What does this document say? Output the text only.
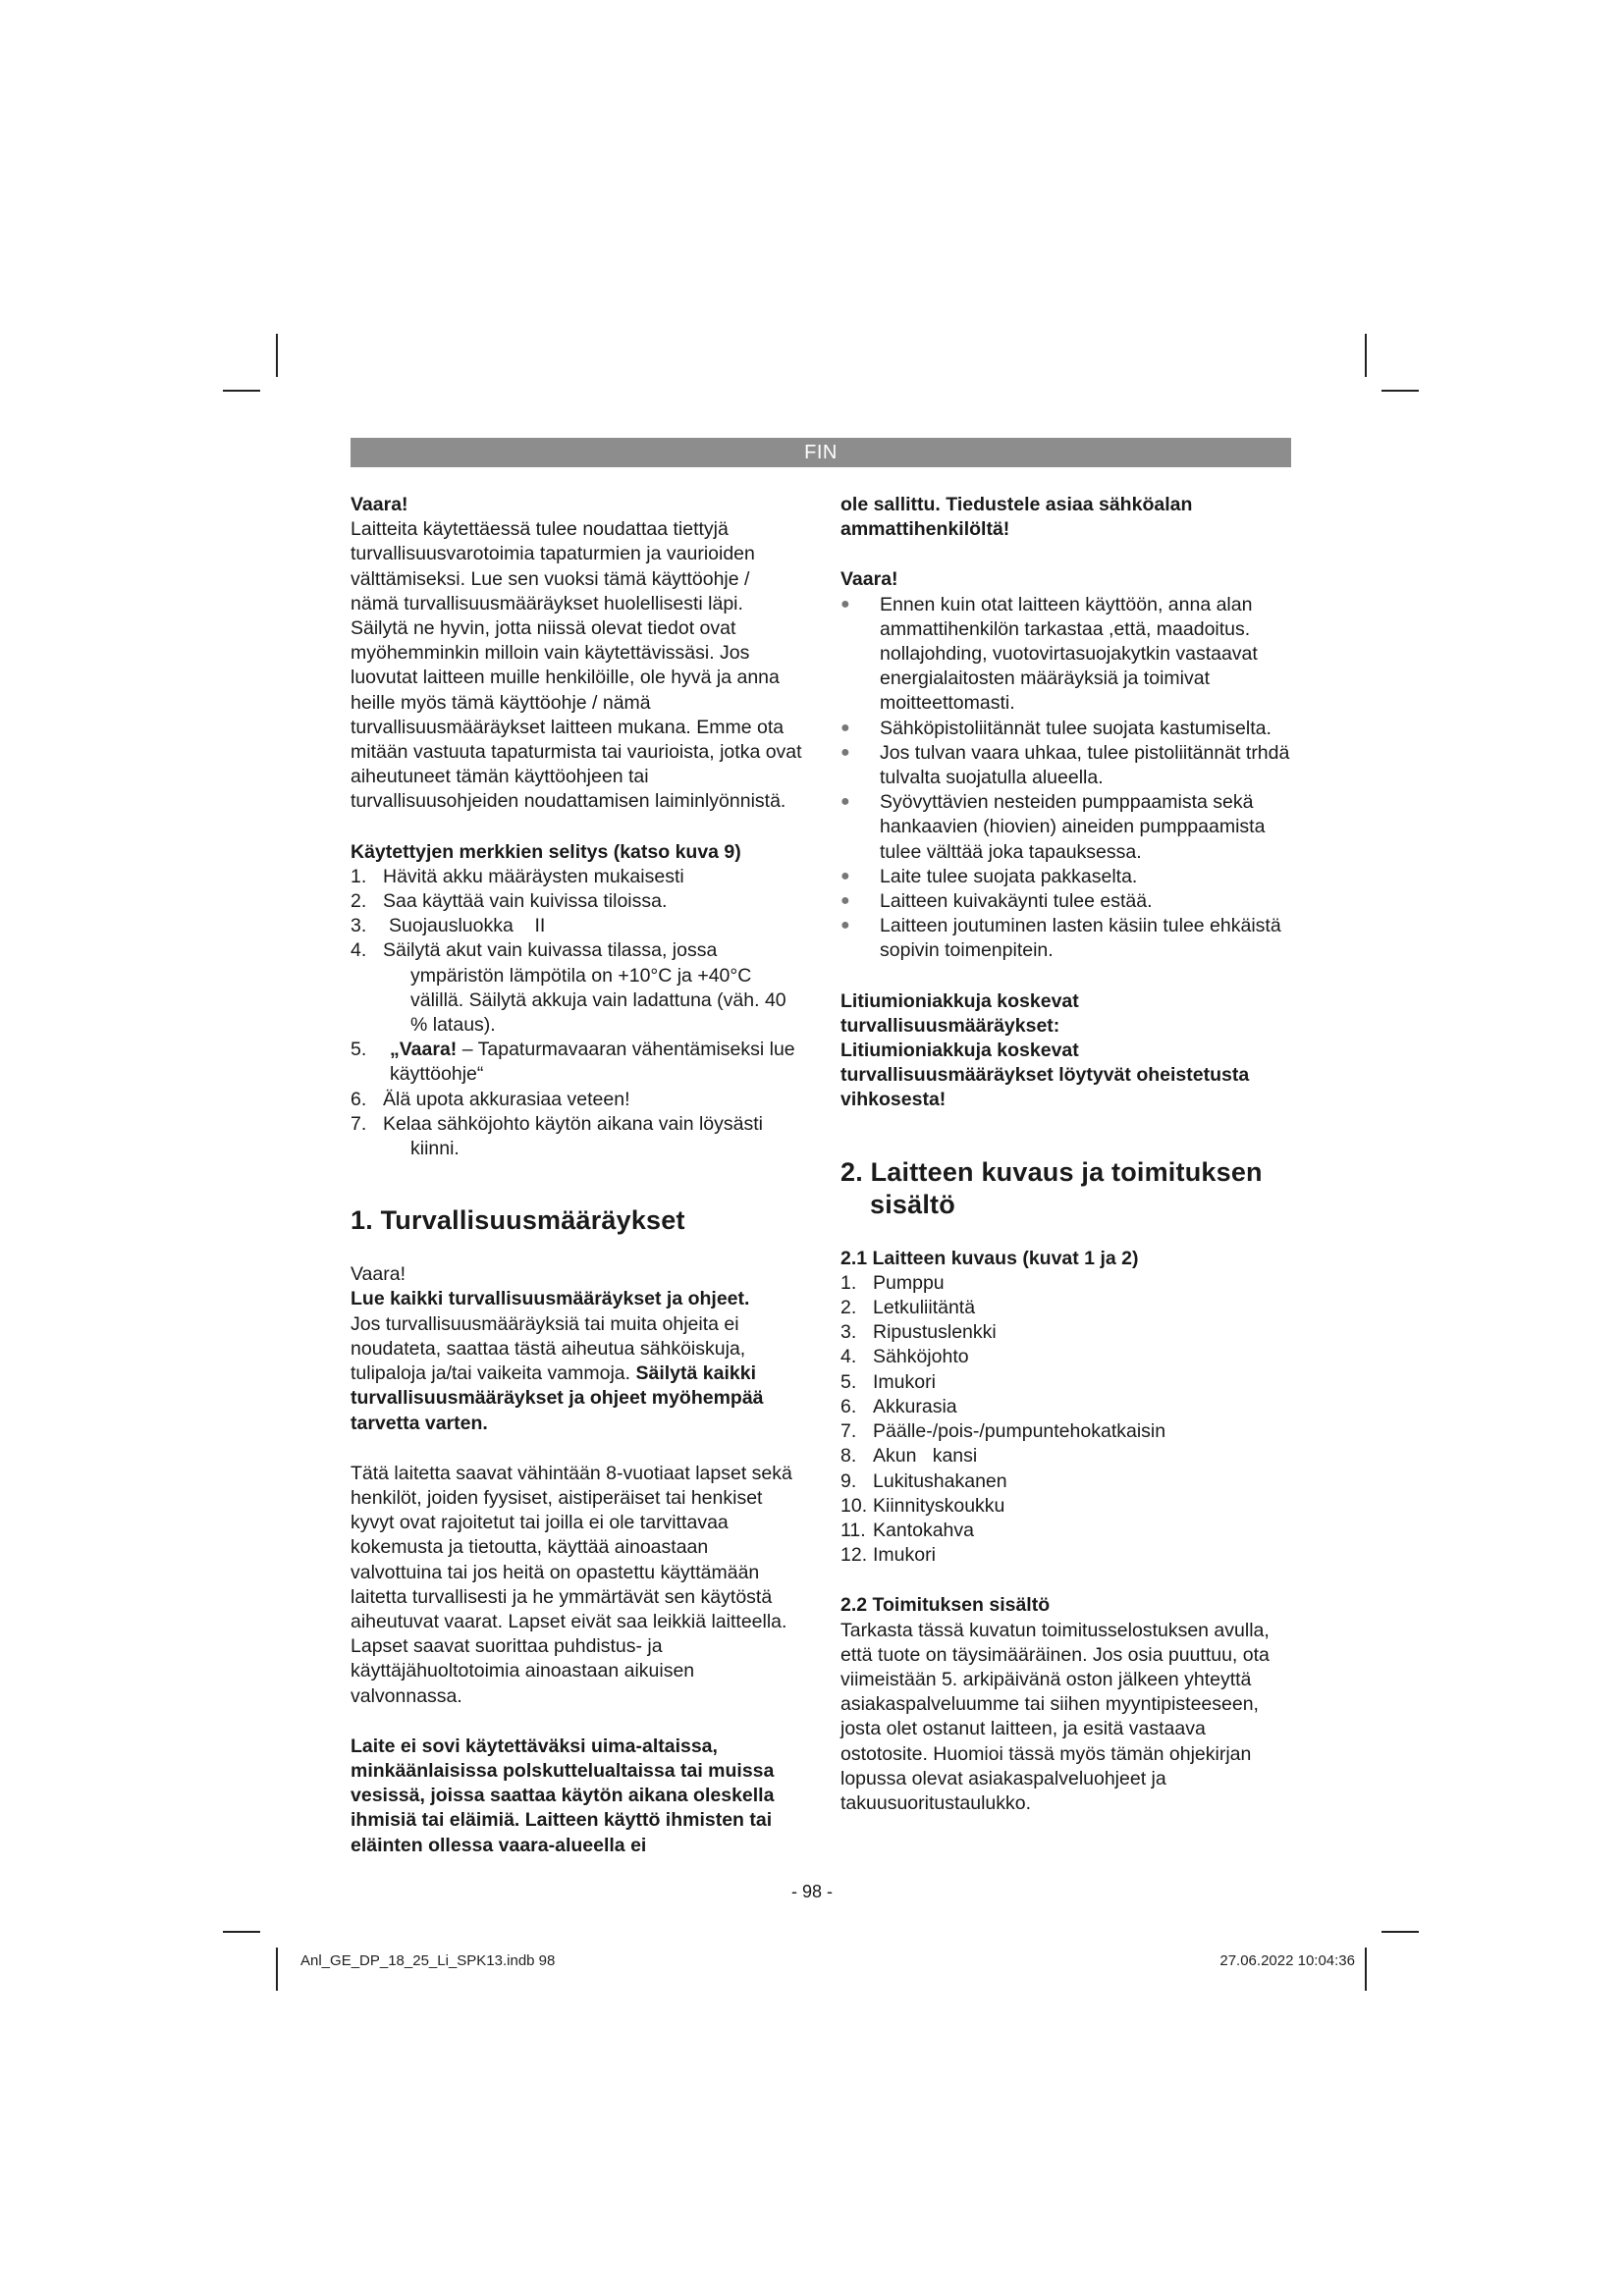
FIN

Vaara!

Laitteita käytettäessä tulee noudattaa tiettyjä turvallisuusvarotoimia tapaturmien ja vaurioiden välttämiseksi. Lue sen vuoksi tämä käyttöohje / nämä turvallisuusmääräykset huolellisesti läpi. Säilytä ne hyvin, jotta niissä olevat tiedot ovat myöhemminkin milloin vain käytettävissäsi. Jos luovutat laitteen muille henkilöille, ole hyvä ja anna heille myös tämä käyttöohje / nämä turvallisuusmääräykset laitteen mukana. Emme ota mitään vastuuta tapaturmista tai vaurioista, jotka ovat aiheutuneet tämän käyttöohjeen tai turvallisuusohjeiden noudattamisen laiminlyönnistä.

Käytettyjen merkkien selitys (katso kuva 9)

1. Hävitä akku määräysten mukaisesti
2. Saa käyttää vain kuivissa tiloissa.
3.	Suojausluokka    II
4. Säilytä akut vain kuivassa tilassa, jossa ympäristön lämpötila on +10°C ja +40°C välillä. Säilytä akkuja vain ladattuna (väh. 40 % lataus).
5.	„Vaara! – Tapaturmavaaran vähentämiseksi lue käyttöohje“
6. Älä upota akkurasiaa veteen!
7. Kelaa sähköjohto käytön aikana vain löysästi kiinni.
1. Turvallisuusmääräykset

Vaara!

Lue kaikki turvallisuusmääräykset ja ohjeet.

Jos turvallisuusmääräyksiä tai muita ohjeita ei noudateta, saattaa tästä aiheutua sähköiskuja, tulipaloja ja/tai vaikeita vammoja. Säilytä kaikki turvallisuusmääräykset ja ohjeet myöhempää tarvetta varten.

Tätä laitetta saavat vähintään 8-vuotiaat lapset sekä henkilöt, joiden fyysiset, aistiperäiset tai henkiset kyvyt ovat rajoitetut tai joilla ei ole tarvittavaa kokemusta ja tietoutta, käyttää ainoastaan valvottuina tai jos heitä on opastettu käyttämään laitetta turvallisesti ja he ymmärtävät sen käytöstä aiheutuvat vaarat. Lapset eivät saa leikkiä laitteella. Lapset saavat suorittaa puhdistus- ja käyttäjähuoltotoimia ainoastaan aikuisen valvonnassa.

Laite ei sovi käytettäväksi uima-altaissa, minkäänlaisissa polskuttelualtaissa tai muissa vesissä, joissa saattaa käytön aikana oleskella ihmisiä tai eläimiä. Laitteen käyttö ihmisten tai eläinten ollessa vaara-alueella ei

ole sallittu. Tiedustele asiaa sähköalan ammattihenkilöltä!

Vaara!

●	Ennen kuin otat laitteen käyttöön, anna alan ammattihenkilön tarkastaa ,että, maadoitus. nollajohding, vuotovirtasuojakytkin vastaavat energialaitosten määräyksiä ja toimivat moitteettomasti.
●	Sähköpistoliitännät tulee suojata kastumiselta.
●	Jos tulvan vaara uhkaa, tulee pistoliitännät trhdä tulvalta suojatulla alueella.
●	Syövyttävien nesteiden pumppaamista sekä hankaavien (hiovien) aineiden pumppaamista tulee välttää joka tapauksessa.
●	Laite tulee suojata pakkaselta.
●	Laitteen kuivakäynti tulee estää.
●	Laitteen joutuminen lasten käsiin tulee ehkäistä sopivin toimenpitein.

Litiumioniakkuja koskevat turvallisuusmääräykset:

Litiumioniakkuja koskevat turvallisuusmääräykset löytyvät oheistetusta vihkosesta!

2. Laitteen kuvaus ja toimituksen
sisältö

2.1 Laitteen kuvaus (kuvat 1 ja 2)

1. Pumppu
2. Letkuliitäntä
3. Ripustuslenkki
4. Sähköjohto
5. Imukori
6. Akkurasia
7. Päälle-/pois-/pumpuntehokatkaisin
8. Akun   kansi
9. Lukitushakanen
10. Kiinnityskoukku
11. Kantokahva
12. Imukori

2.2 Toimituksen sisältö

Tarkasta tässä kuvatun toimitusselostuksen avulla, että tuote on täysimääräinen. Jos osia puuttuu, ota viimeistään 5. arkipäivänä oston jälkeen yhteyttä asiakaspalveluumme tai siihen myyntipisteeseen, josta olet ostanut laitteen, ja esitä vastaava ostotosite. Huomioi tässä myös tämän ohjekirjan lopussa olevat asiakaspalveluohjeet ja takuusuoritustaulukko.

- 98 -
Anl_GE_DP_18_25_Li_SPK13.indb 98	27.06.2022 10:04:36
